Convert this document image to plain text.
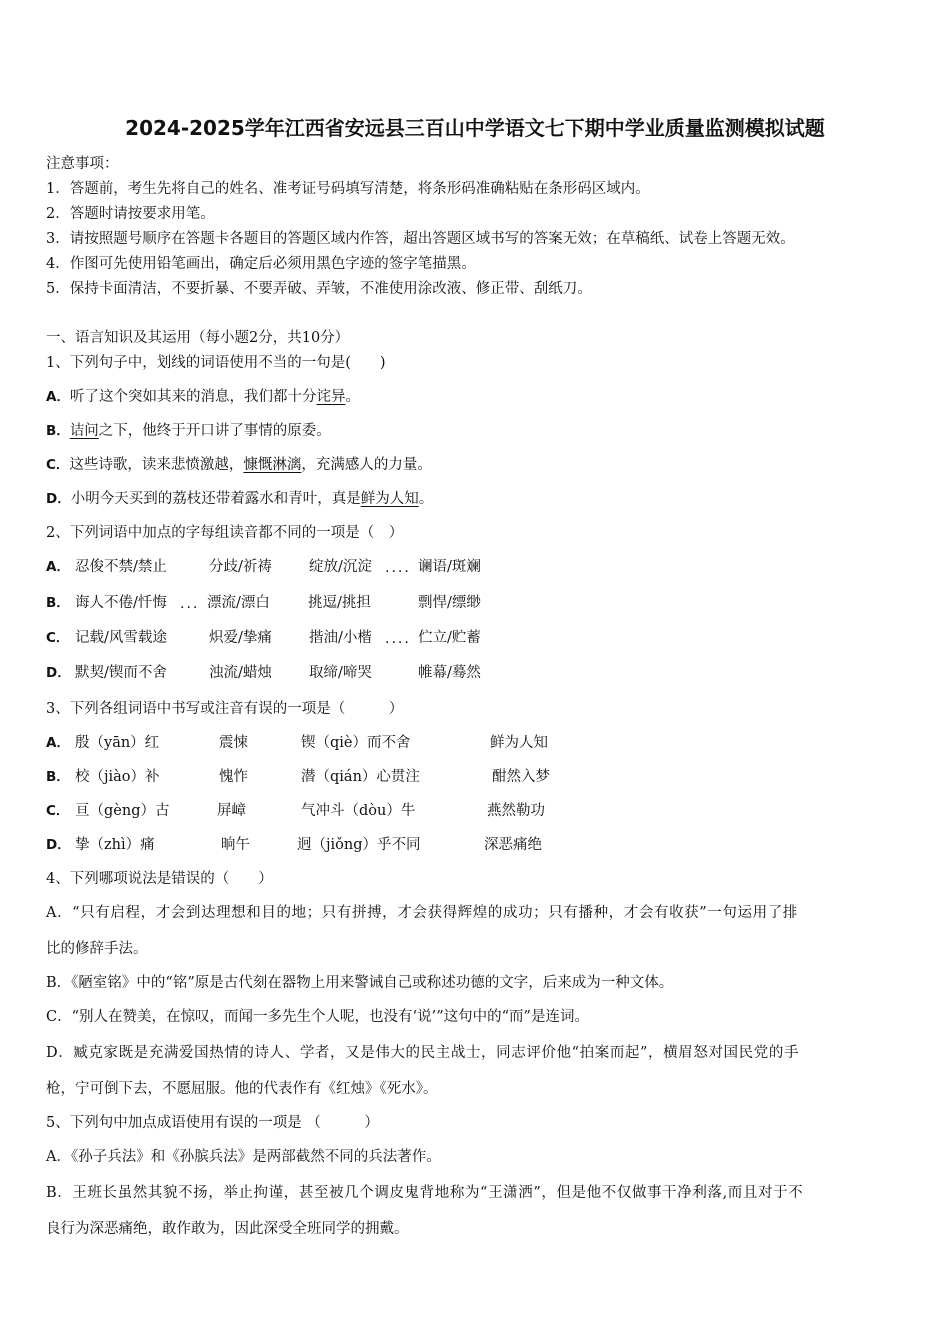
2024-2025学年江西省安远县三百山中学语文七下期中学业质量监测模拟试题
注意事项：
1．答题前，考生先将自己的姓名、准考证号码填写清楚，将条形码准确粘贴在条形码区域内。
2．答题时请按要求用笔。
3．请按照题号顺序在答题卡各题目的答题区域内作答，超出答题区域书写的答案无效；在草稿纸、试卷上答题无效。
4．作图可先使用铅笔画出，确定后必须用黑色字迹的签字笔描黑。
5．保持卡面清洁，不要折暴、不要弄破、弄皱，不准使用涂改液、修正带、刮纸刀。
一、语言知识及其运用（每小题2分，共10分）
1、下列句子中，划线的词语使用不当的一句是(　　)
A．听了这个突如其来的消息，我们都十分诧异。
B．诘问之下，他终于开口讲了事情的原委。
C．这些诗歌，读来悲愤激越，慷慨淋漓，充满感人的力量。
D．小明今天买到的荔枝还带着露水和青叶，真是鲜为人知。
2、下列词语中加点的字每组读音都不同的一项是（　）
A． 忍俊不禁/禁止	分歧/祈祷	绽放/沉淀	谰语/斑斓
....
B． 诲人不倦/忏悔	漂流/漂白	挑逗/挑担	剽悍/缥缈
...
C． 记载/风雪载途	炽爱/挚痛	揩油/小楷	伫立/贮蓄
....
D． 默契/锲而不舍	浊流/蜡烛	取缔/啼哭	帷幕/蓦然
3、下列各组词语中书写或注音有误的一项是（　　　）
A． 殷（yān）红	震悚	锲（qiè）而不舍	鲜为人知
B． 校（jiào）补	愧怍	潜（qián）心贯注	酣然入梦
C． 亘（gèng）古	屏嶂	气冲斗（dòu）牛	燕然勒功
D． 挚（zhì）痛	晌午	迥（jiǒng）乎不同	深恶痛绝
4、下列哪项说法是错误的（　　）
A．“只有启程，才会到达理想和目的地；只有拼搏，才会获得辉煌的成功；只有播种，才会有收获”一句运用了排
比的修辞手法。
B．《陋室铭》中的“铭”原是古代刻在器物上用来警诫自己或称述功德的文字，后来成为一种文体。
C．“别人在赞美，在惊叹，而闻一多先生个人呢，也没有‘说’”这句中的“而”是连词。
D．臧克家既是充满爱国热情的诗人、学者，又是伟大的民主战士，同志评价他“拍案而起”，横眉怒对国民党的手
枪，宁可倒下去，不愿屈服。他的代表作有《红烛》《死水》。
5、下列句中加点成语使用有误的一项是 （　　　）
A．《孙子兵法》和《孙膑兵法》是两部截然不同的兵法著作。
B．王班长虽然其貌不扬，举止拘谨，甚至被几个调皮鬼背地称为“王潇洒”，但是他不仅做事干净利落,而且对于不
良行为深恶痛绝，敢作敢为，因此深受全班同学的拥戴。
